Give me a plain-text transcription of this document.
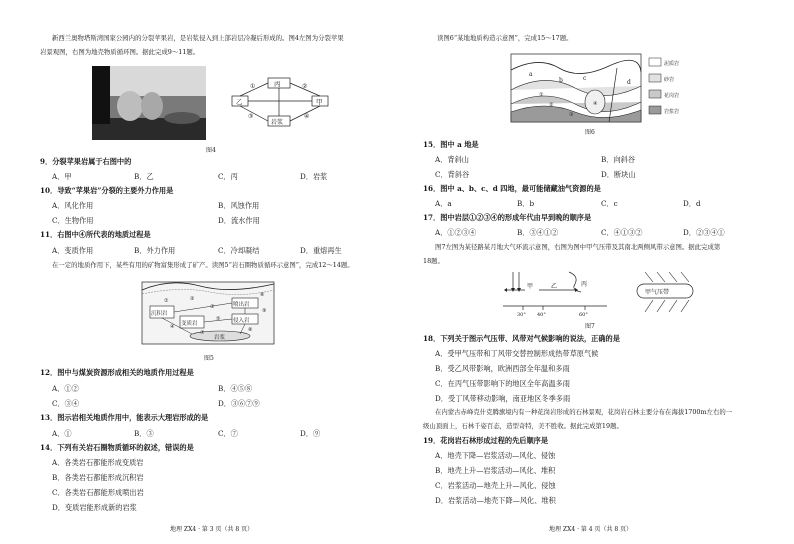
新西兰奥物塔斯湾国家公园内的分裂苹果岩，是岩浆侵入到上部岩层冷凝后形成的。图4左图为分裂苹果
岩景观图，右图为地壳物质循环图。据此完成9～11题。
丙
乙	甲
岩浆
①	②
③	④
图4
9．分裂苹果岩属于右图中的
A．甲	B．乙	C．丙	D．岩浆
10．导致“苹果岩”分裂的主要外力作用是
A．风化作用	B．风蚀作用
C．生物作用	D．流水作用
11．右图中④所代表的地质过程是
A．变质作用	B．外力作用	C．冷却凝结	D．重熔再生
在一定的地质作用下，某些有用的矿物富集形成了矿产。读图5“岩石圈物质循环示意图”，完成12～14题。
沉积岩
变质岩
喷出岩
侵入岩
岩浆
①	②
③
④
⑤
⑥
⑦	⑧
⑨
图5
12．图中与煤炭资源形成相关的地质作用过程是
A．①②	B．④⑤⑧
C．③④	D．③⑥⑦⑨
13．图示岩相关地质作用中，能表示大理岩形成的是
A．①	B．③	C．⑦	D．⑨
14．下列有关岩石圈物质循环的叙述，错误的是
A．各类岩石都能形成变质岩
B．各类岩石都能形成沉积岩
C．各类岩石都能形成喷出岩
D．变质岩能形成新的岩浆
地理 ZX4 · 第 3 页（共 8 页）
读图6“某地地质构造示意图”，完成15～17题。
a
b	c
d
①
②
③
④
泥质岩
砂岩
花岗岩
岩浆岩
图6
15．图中 a 地是
A．背斜山	B．向斜谷
C．背斜谷	D．断块山
16．图中 a、b、c、d 四地，最可能储藏油气资源的是
A．a	B．b	C．c	D．d
17．图中岩层①②③④的形成年代由早到晚的顺序是
A．①②③④	B．③④①②	C．④①③②	D．②③④①
图7左图为某径路某月地大气环流示意图，右图为图中甲气压带及其南北两侧风带示意图。据此完成第
18题。
甲	乙	丙
30° 40°	60°
甲气压带
图7
18．下列关于图示气压带、风带对气候影响的说法，正确的是
A．受甲气压带和丁风带交替控制形成热带草原气候
B．受乙风带影响，欧洲西部全年温和多雨
C．在丙气压带影响下的地区全年高温多雨
D．受丁风带移动影响，南亚地区冬季多雨
在内蒙古赤峰克什克腾旗境内有一种花岗岩形成的石林景观，花岗岩石林主要分布在海拔1700m左右的一
级山顶面上，石林千姿百态，造型奇特，美不胜收。据此完成第19题。
19．花岗岩石林形成过程的先后顺序是
A．地壳下降—岩浆活动—风化、侵蚀
B．地壳上升—岩浆活动—风化、堆积
C．岩浆活动—地壳上升—风化、侵蚀
D．岩浆活动—地壳下降—风化、堆积
地理 ZX4 · 第 4 页（共 8 页）
